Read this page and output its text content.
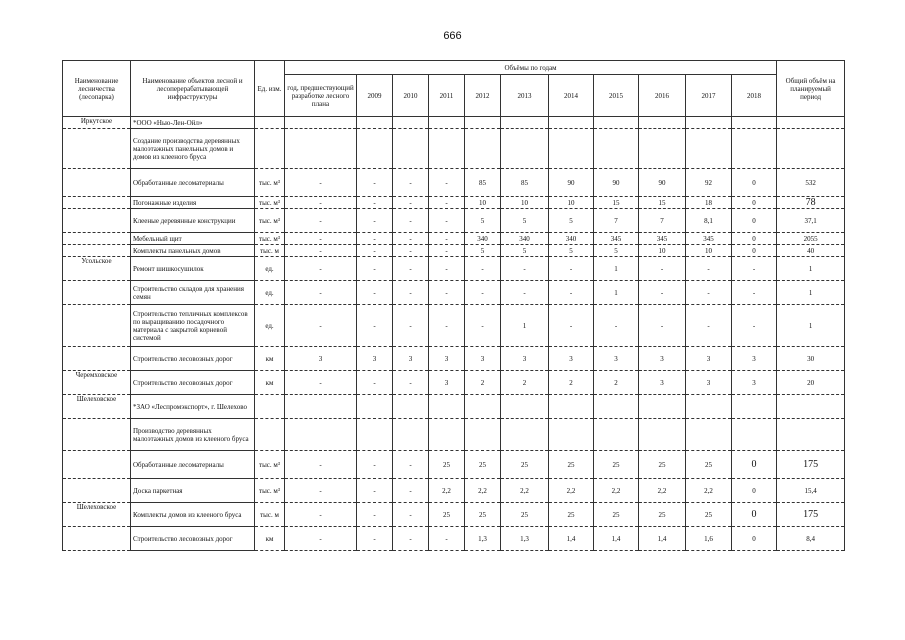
666
Наименование лесничества (лесопарка)	Наименование объектов лесной и лесоперерабатывающей инфраструктуры	Ед. изм.	Объёмы по годам											Общий объём на планируемый период
			год, предшествующий разработке лесного плана	2009	2010	2011	2012	2013	2014	2015	2016	2017	2018	
Иркутское	*ООО «Нью-Лен-Ойл»													
	Создание производства деревянных малоэтажных панельных домов и домов из клееного бруса													
	Обработанные лесоматериалы	тыс. м³	-	-	-	-	85	85	90	90	90	92	0	532
	Погонажные изделия	тыс. м³	-	-	-	-	10	10	10	15	15	18	0	78
	Клееные деревянные конструкции	тыс. м³	-	-	-	-	5	5	5	7	7	8,1	0	37,1
	Мебельный щит	тыс. м³	-	-	-	-	340	340	340	345	345	345	0	2055
	Комплекты панельных домов	тыс. м	-	-	-	-	5	5	5	5	10	10	0	40
Усольское	Ремонт шишкосушилок	ед.	-	-	-	-	-	-	-	1	-	-	-	1
	Строительство складов для хранения семян	ед.	-	-	-	-	-	-	-	1	-	-	-	1
	Строительство тепличных комплексов по выращиванию посадочного материала с закрытой корневой системой	ед.	-	-	-	-	-	1	-	-	-	-	-	1
	Строительство лесовозных дорог	км	3	3	3	3	3	3	3	3	3	3	3	30
Черемховское	Строительство лесовозных дорог	км	-	-	-	3	2	2	2	2	3	3	3	20
Шелеховское	*ЗАО «Леспромэкспорт», г. Шелехово													
	Производство деревянных малоэтажных домов из клееного бруса													
	Обработанные лесоматериалы	тыс. м³	-	-	-	25	25	25	25	25	25	25	0	175
	Доска паркетная	тыс. м³	-	-	-	2,2	2,2	2,2	2,2	2,2	2,2	2,2	0	15,4
Шелеховское	Комплекты домов из клееного бруса	тыс. м	-	-	-	25	25	25	25	25	25	25	0	175
	Строительство лесовозных дорог	км	-	-	-	-	1,3	1,3	1,4	1,4	1,4	1,6	0	8,4
